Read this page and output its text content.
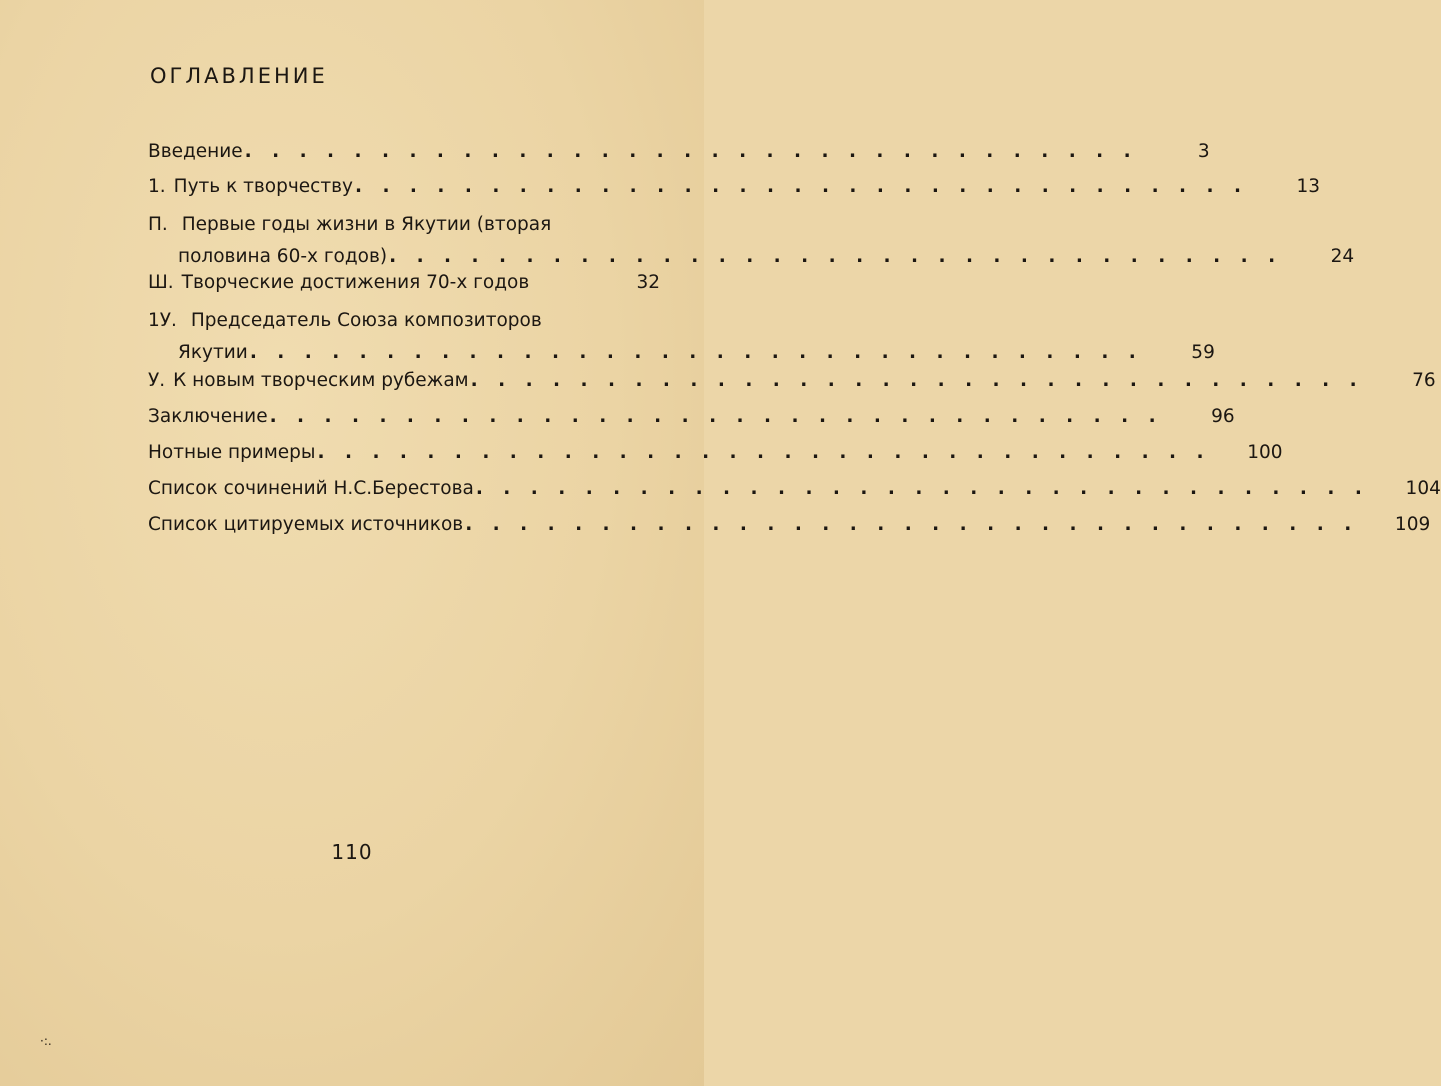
ОГЛАВЛЕНИЕ
Введение . . . . . . . . . . . . . . . . . . . . . . . . . . . . . . . . .	3
1. Путь к творчеству . . . . . . . . . . . . . . . . . . . . . . . . . . . . . . . . .	13
П. Первые годы жизни в Якутии (вторая
половина 60-х годов) . . . . . . . . . . . . . . . . . . . . . . . . . . . . . . . . .	24
Ш. Творческие достижения 70-х годов	32
1У. Председатель Союза композиторов
Якутии . . . . . . . . . . . . . . . . . . . . . . . . . . . . . . . . .	59
У. К новым творческим рубежам . . . . . . . . . . . . . . . . . . . . . . . . . . . . . . . . .	76
Заключение . . . . . . . . . . . . . . . . . . . . . . . . . . . . . . . . .	96
Нотные примеры . . . . . . . . . . . . . . . . . . . . . . . . . . . . . . . . .	100
Список сочинений Н.С.Берестова . . . . . . . . . . . . . . . . . . . . . . . . . . . . . . . . .	104
Список цитируемых источников . . . . . . . . . . . . . . . . . . . . . . . . . . . . . . . . .	109
110
·:.
